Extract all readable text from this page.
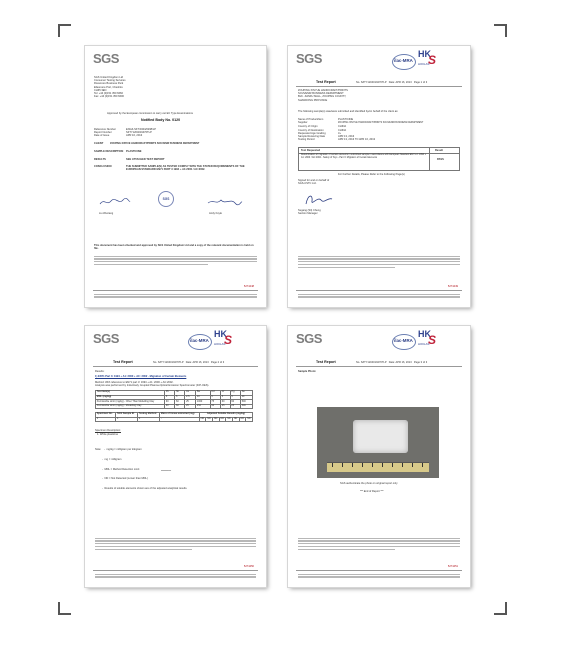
SGS
SGS United Kingdom Ltd
Consumer Testing Services
Rossmore Business Park
Ellesmere Port, Cheshire
CH65 3EN
Tel: +44 (0)151 350 6666
Fax: +44 (0)151 350 6600
Approved by the European commission to carry out EC Type Examinations
Notified Body No. 0120
Reference Number	ENGZ-SKT/0404/0298/LP
Report Number	SZTY1204019470TLP
Date of Issue	APR 16, 2013
CLIENT	ZOUPING XINYUE HANDICRAFT/PRINTS SOUVENIR BUSINESS DEPARTMENT
SAMPLE DESCRIPTION PLASTICINE
RESULTS	SEE ATTACHED TEST REPORT
CONCLUSION	THE SUBMITTED SAMPLE(S) AS TESTED COMPLY WITH THE STATED REQUIREMENTS OF THE EUROPEAN STANDARD EN71 PART 3 1994 + A1:2000 / AC:2002.
SGS
Liu Wuxiang	Andy Foyle
This document has been checked and approved by SGS United Kingdom Ltd and a copy of the relevant documentation is held on file.
5274448
SGS	ilac-MRA
HK
S
HOKLAS
Test Report	No. SZTY1204019470TLP Date: APR 16, 2013 Page 1 of 3
ZOUPING XINYUE HANDICRAFT/PRINTS
SOUVENIR BUSINESS DEPARTMENT
BLK. JIANFU MALL, ZOUPING COUNTY,
SHANDONG PROVINCE
The following sample(s) was/were submitted and identified by/on behalf of the client as:
Name of Product/Item	PLASTICINE
Supplier	ZOUPING XINYUE HANDICRAFT/PRINTS SOUVENIR BUSINESS DEPARTMENT
Country of Origin	CHINA
Country of Destination	CHINA
Requested Age Grading	3+
Sample Receiving Date	APR 13, 2013
Testing Period	APR 13, 2013 TO APR 16, 2013
Test Requested	Result
Determination of migration of certain elements in submitted sample in accordance with European Standard EN71-3: 1994 + A1: 2000 / AC:2002 - Safety of Toys - Part 3: Migration of Certain Elements
PASS
For Further Details, Please Refer to the Following Page(s)
Signed for and on behalf of
SGS-CSTC Ltd.
Sugang (Sli) Cheng
Section Manager
5274449
SGS	ilac-MRA
HK
S
HOKLAS
Test Report	No. SZTY1204019470TLP Date: APR 16, 2013 Page 2 of 3
Results:
1) EN71 Part 3: 1994 + A1: 2000 + AC: 2002 - Migration of Certain Elements
Method: With reference to EN71 part 3: 1994 + A1: 2000 + AC:2002.
Analysis was performed by Inductively Coupled Plasma-Optical Emission Spectrometer (ICP-OES).
Test Item(s)	Pb	Sb	As	Ba	Cd	Cr	Hg	Se
MDL (mg/kg)	5	5	2.5	10	5	5	5	10
Permissible Limit (mg/kg) - Other Than Modelling Clay	90	60	25	1000	75	60	60	500
Permissible Limit (mg/kg) - Modelling Clay	90	60	25	250	50	25	25	500
Specimen No.	SGS Sample ID	Testing Method	Mass of tissue extracted (mg)	Adjusted Soluble Results (mg/kg)							
1	1	1	-	ND	ND	ND	ND	ND	ND	ND	ND
Specimen Description:
1. White plasticine

Note:    -  mg/kg = milligram per kilogram

-  mg = milligram

-  MDL = Method Detection Limit

-  ND = Not Detected (Lower than MDL)

-  Results of soluble elements shown are of the adjusted analytical results.

**********
5274450
SGS	ilac-MRA
HK
S
HOKLAS
Test Report	No. SZTY1204019470TLP Date: APR 16, 2013 Page 3 of 3
Sample Photo:
SGS authenticate the photo on original report only
*** End of Report ***
5274451
